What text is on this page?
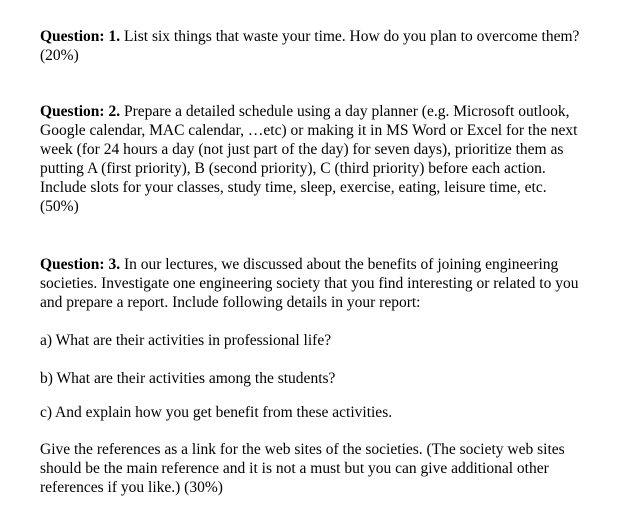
Question: 1. List six things that waste your time. How do you plan to overcome them? (20%)

Question: 2. Prepare a detailed schedule using a day planner (e.g. Microsoft outlook, Google calendar, MAC calendar, …etc) or making it in MS Word or Excel for the next week (for 24 hours a day (not just part of the day) for seven days), prioritize them as putting A (first priority), B (second priority), C (third priority) before each action. Include slots for your classes, study time, sleep, exercise, eating, leisure time, etc. (50%)

Question: 3. In our lectures, we discussed about the benefits of joining engineering societies. Investigate one engineering society that you find interesting or related to you and prepare a report. Include following details in your report:

a) What are their activities in professional life?

b) What are their activities among the students?

c) And explain how you get benefit from these activities.

Give the references as a link for the web sites of the societies. (The society web sites should be the main reference and it is not a must but you can give additional other references if you like.) (30%)
